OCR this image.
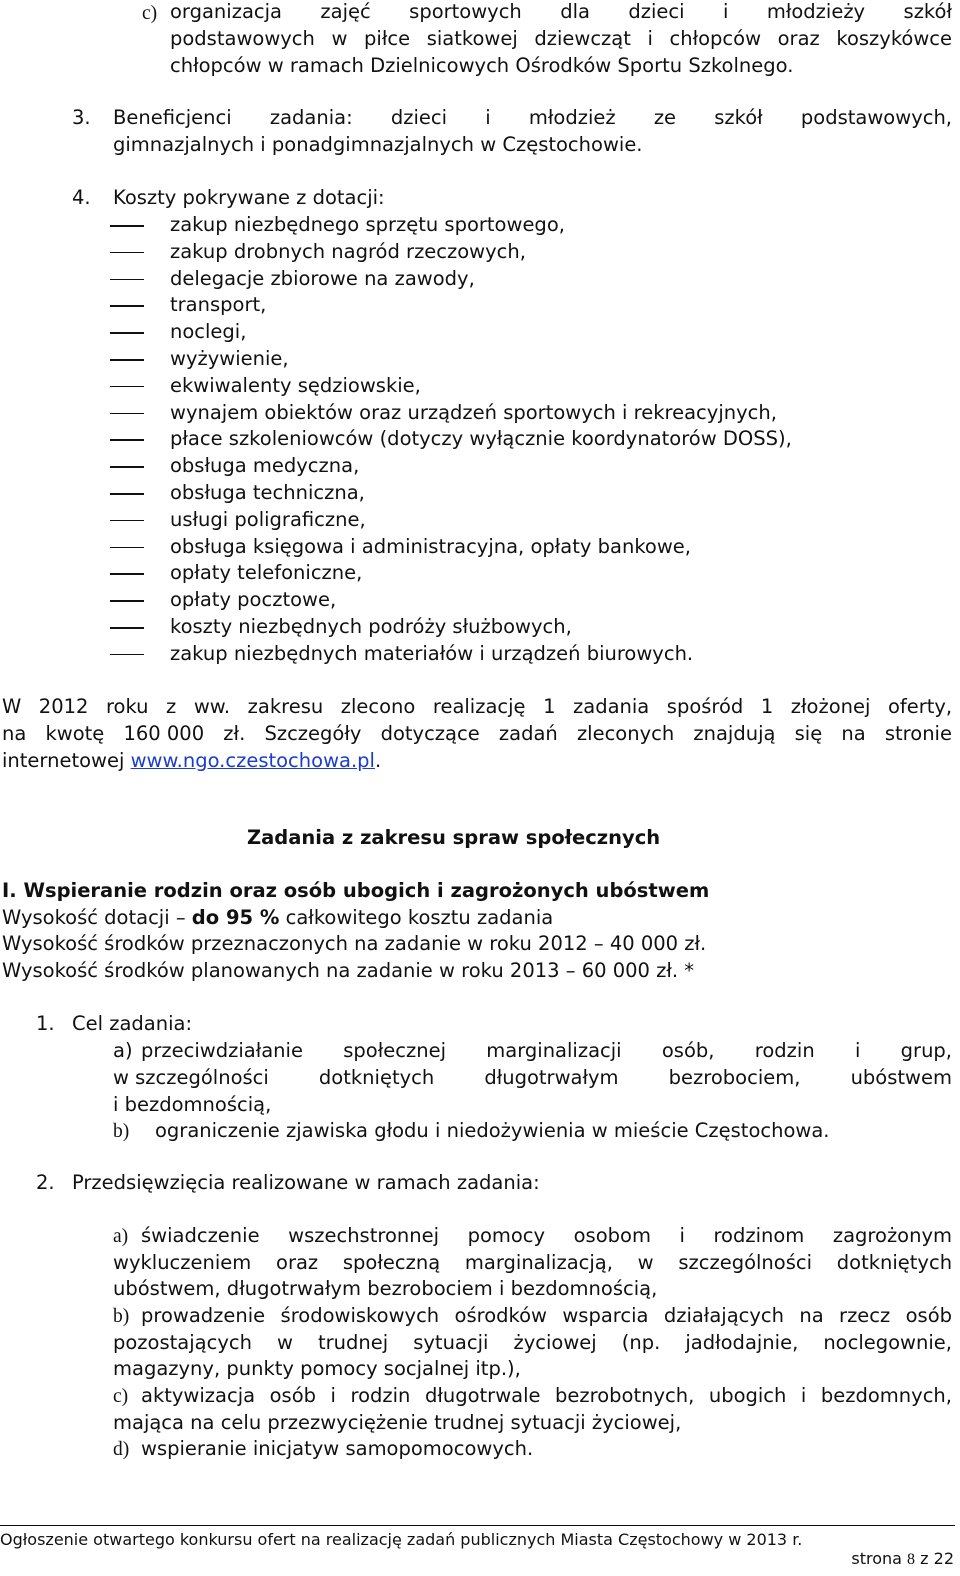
c) organizacja zajęć sportowych dla dzieci i młodzieży szkół
podstawowych w piłce siatkowej dziewcząt i chłopców oraz koszykówce
chłopców w ramach Dzielnicowych Ośrodków Sportu Szkolnego.
3. Beneficjenci zadania: dzieci i młodzież ze szkół podstawowych,
gimnazjalnych i ponadgimnazjalnych w Częstochowie.
4. Koszty pokrywane z dotacji:
zakup niezbędnego sprzętu sportowego,
zakup drobnych nagród rzeczowych,
delegacje zbiorowe na zawody,
transport,
noclegi,
wyżywienie,
ekwiwalenty sędziowskie,
wynajem obiektów oraz urządzeń sportowych i rekreacyjnych,
płace szkoleniowców (dotyczy wyłącznie koordynatorów DOSS),
obsługa medyczna,
obsługa techniczna,
usługi poligraficzne,
obsługa księgowa i administracyjna, opłaty bankowe,
opłaty telefoniczne,
opłaty pocztowe,
koszty niezbędnych podróży służbowych,
zakup niezbędnych materiałów i urządzeń biurowych.
W 2012 roku z ww. zakresu zlecono realizację 1 zadania spośród 1 złożonej oferty,
na kwotę 160 000 zł. Szczegóły dotyczące zadań zleconych znajdują się na stronie
internetowej www.ngo.czestochowa.pl.
Zadania z zakresu spraw społecznych
I. Wspieranie rodzin oraz osób ubogich i zagrożonych ubóstwem
Wysokość dotacji – do 95 % całkowitego kosztu zadania
Wysokość środków przeznaczonych na zadanie w roku 2012 – 40 000 zł.
Wysokość środków planowanych na zadanie w roku 2013 – 60 000 zł. *
1. Cel zadania:
a) przeciwdziałanie społecznej marginalizacji osób, rodzin i grup,
w szczególności	dotkniętych	długotrwałym	bezrobociem,	ubóstwem
i bezdomnością,
b) ograniczenie zjawiska głodu i niedożywienia w mieście Częstochowa.
2. Przedsięwzięcia realizowane w ramach zadania:
a) świadczenie wszechstronnej pomocy osobom i rodzinom zagrożonym
wykluczeniem oraz społeczną marginalizacją, w szczególności dotkniętych
ubóstwem, długotrwałym bezrobociem i bezdomnością,
b) prowadzenie środowiskowych ośrodków wsparcia działających na rzecz osób
pozostających w trudnej sytuacji życiowej (np. jadłodajnie, noclegownie,
magazyny, punkty pomocy socjalnej itp.),
c) aktywizacja osób i rodzin długotrwale bezrobotnych, ubogich i bezdomnych,
mająca na celu przezwyciężenie trudnej sytuacji życiowej,
d) wspieranie inicjatyw samopomocowych.
Ogłoszenie otwartego konkursu ofert na realizację zadań publicznych Miasta Częstochowy w 2013 r.
strona 8 z 22
